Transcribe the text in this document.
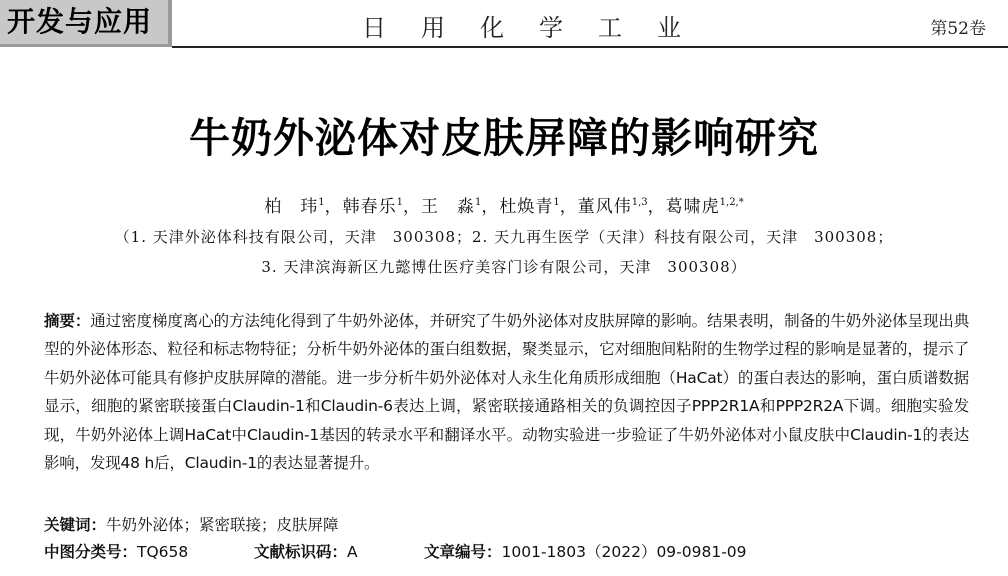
开发与应用	日用化学工业	第52卷
牛奶外泌体对皮肤屏障的影响研究
柏　玮$^1$，韩春乐$^1$，王　淼$^1$，杜焕青$^1$，董风伟$^{1,3}$，葛啸虎$^{1,2,*}$
（1. 天津外泌体科技有限公司，天津　300308；2. 天九再生医学（天津）科技有限公司，天津　300308；
3. 天津滨海新区九懿博仕医疗美容门诊有限公司，天津　300308）
摘要：通过密度梯度离心的方法纯化得到了牛奶外泌体，并研究了牛奶外泌体对皮肤屏障的影响。结果表明，制备的牛奶外泌体呈现出典型的外泌体形态、粒径和标志物特征；分析牛奶外泌体的蛋白组数据，聚类显示，它对细胞间粘附的生物学过程的影响是显著的，提示了牛奶外泌体可能具有修护皮肤屏障的潜能。进一步分析牛奶外泌体对人永生化角质形成细胞（HaCat）的蛋白表达的影响，蛋白质谱数据显示，细胞的紧密联接蛋白Claudin-1和Claudin-6表达上调，紧密联接通路相关的负调控因子PPP2R1A和PPP2R2A下调。细胞实验发现，牛奶外泌体上调HaCat中Claudin-1基因的转录水平和翻译水平。动物实验进一步验证了牛奶外泌体对小鼠皮肤中Claudin-1的表达影响，发现48 h后，Claudin-1的表达显著提升。
关键词：牛奶外泌体；紧密联接；皮肤屏障
中图分类号：TQ658	文献标识码：A	文章编号：1001-1803（2022）09-0981-09
